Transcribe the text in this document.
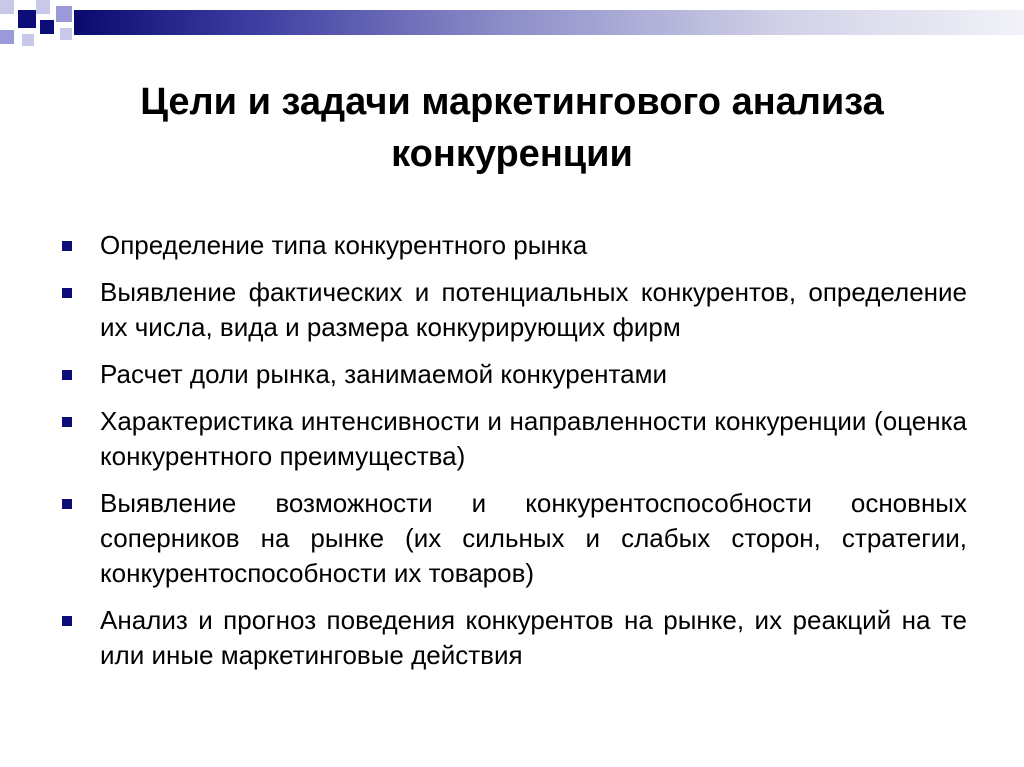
Цели и задачи маркетингового анализа конкуренции
Определение типа конкурентного рынка
Выявление фактических и потенциальных конкурентов, определение их числа, вида и размера конкурирующих фирм
Расчет доли рынка, занимаемой конкурентами
Характеристика интенсивности и направленности конкуренции (оценка конкурентного преимущества)
Выявление возможности и конкурентоспособности основных соперников на рынке (их сильных и слабых сторон, стратегии, конкурентоспособности их товаров)
Анализ и прогноз поведения конкурентов на рынке, их реакций на те или иные маркетинговые действия
